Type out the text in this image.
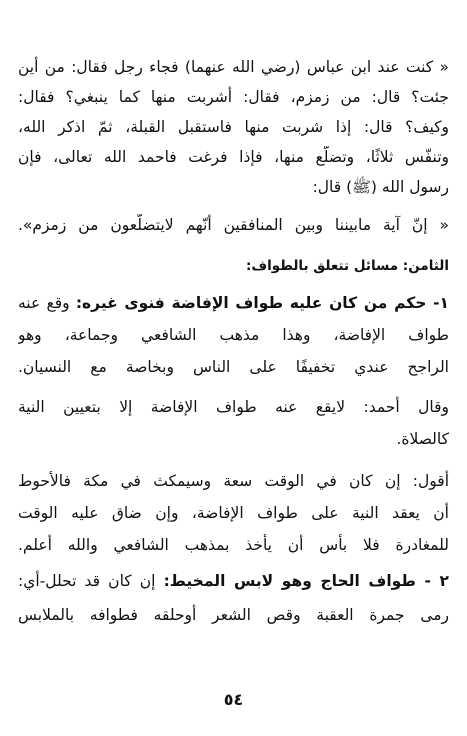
« كنت عند ابن عباس (رضي الله عنهما) فجاء رجل فقال: من أين
جئت؟ قال: من زمزم، فقال: أشربت منها كما ينبغي؟ فقال:
وكيف؟ قال: إذا شربت منها فاستقبل القبلة، ثمّ اذكر الله،
وتنفّس ثلاثًا، وتضلّع منها، فإذا فرغت فاحمد الله تعالى، فإن
رسول الله (ﷺ) قال:
« إنّ آية مابيننا وبين المنافقين أنّهم لايتضلّعون من زمزم».
الثامن: مسائل تتعلق بالطواف:
١- حكم من كان عليه طواف الإفاضة فنوى غيره: وقع عنه
طواف الإفاضة، وهذا مذهب الشافعي وجماعة، وهو
الراجح عندي تخفيفًا على الناس وبخاصة مع النسيان.
وقال أحمد: لايقع عنه طواف الإفاضة إلا بتعيين النية
كالصلاة.
أقول: إن كان في الوقت سعة وسيمكث في مكة فالأحوط
أن يعقد النية على طواف الإفاضة، وإن ضاق عليه الوقت
للمغادرة فلا بأس أن يأخذ بمذهب الشافعي والله أعلم.
٢ - طواف الحاج وهو لابس المخيط: إن كان قد تحلل-أي:
رمى جمرة العقبة وقص الشعر أوحلقه فطوافه بالملابس
٥٤
